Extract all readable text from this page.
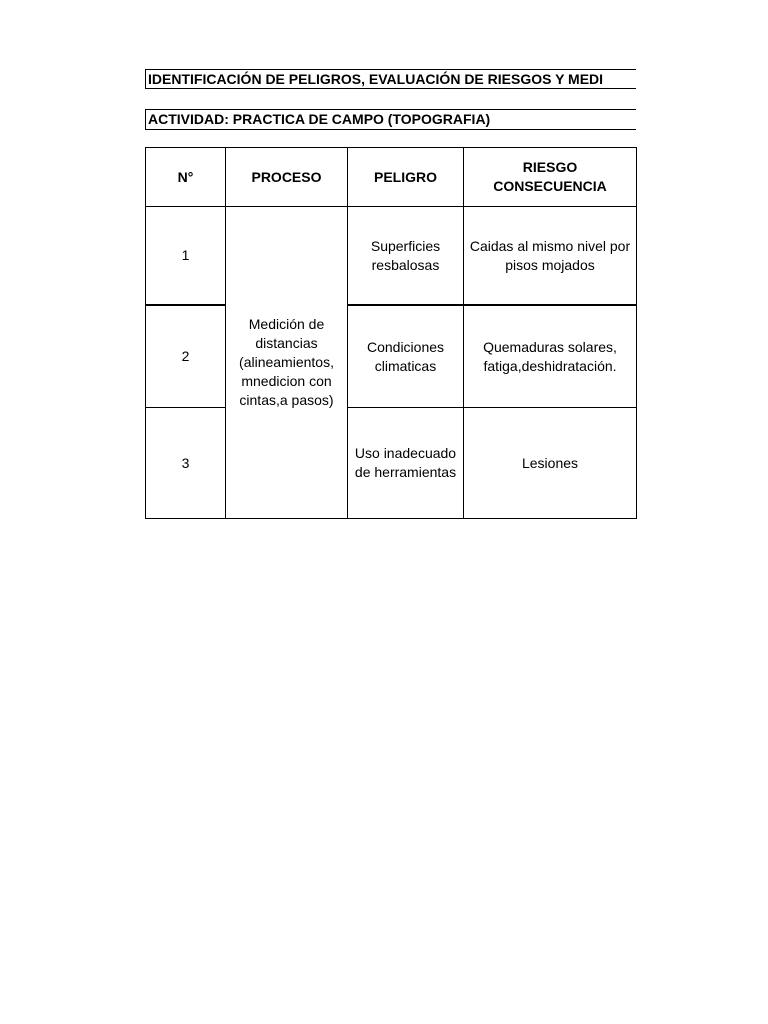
IDENTIFICACIÓN DE PELIGROS, EVALUACIÓN DE RIESGOS Y MEDI
ACTIVIDAD: PRACTICA DE CAMPO (TOPOGRAFIA)
N°	PROCESO	PELIGRO	RIESGO
CONSECUENCIA

1	Medición de distancias (alineamientos, mnedicion con cintas,a pasos)	Superficies resbalosas	Caidas al mismo nivel por pisos mojados
2		Condiciones climaticas	Quemaduras solares, fatiga,deshidratación.
3		Uso inadecuado de herramientas	Lesiones
